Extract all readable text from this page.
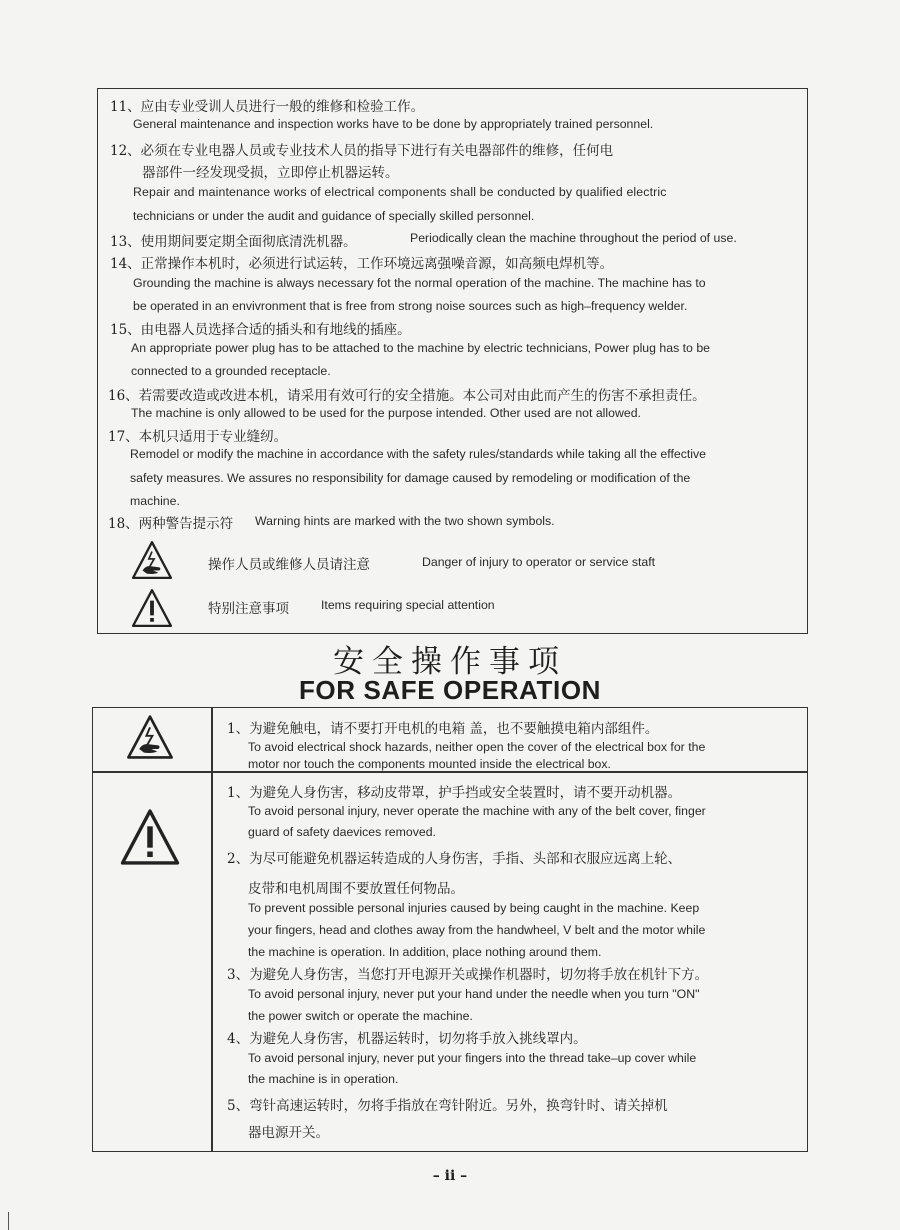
11、应由专业受训人员进行一般的维修和检验工作。
General maintenance and inspection works have to be done by appropriately trained personnel.
12、必须在专业电器人员或专业技术人员的指导下进行有关电器部件的维修，任何电
器部件一经发现受损，立即停止机器运转。
Repair and maintenance works of electrical components shall be conducted by qualified electric
technicians or under the audit and guidance of specially skilled personnel.
13、使用期间要定期全面彻底清洗机器。	Periodically clean the machine throughout the period of use.
14、正常操作本机时，必须进行试运转，工作环境远离强噪音源，如高频电焊机等。
Grounding the machine is always necessary fot the normal operation of the machine. The machine has to
be operated in an envivronment that is free from strong noise sources such as high–frequency welder.
15、由电器人员选择合适的插头和有地线的插座。
An appropriate power plug has to be attached to the machine by electric technicians, Power plug has to be
connected to a grounded receptacle.
16、若需要改造或改进本机，请采用有效可行的安全措施。本公司对由此而产生的伤害不承担责任。
The machine is only allowed to be used for the purpose intended. Other used are not allowed.
17、本机只适用于专业缝纫。
Remodel or modify the machine in accordance with the safety rules/standards while taking all the effective
safety measures. We assures no responsibility for damage caused by remodeling or modification of the
machine.
18、两种警告提示符 Warning hints are marked with the two shown symbols.
操作人员或维修人员请注意	Danger of injury to operator or service staft
特别注意事项	Items requiring special attention
安全操作事项
FOR SAFE OPERATION
1、为避免触电，请不要打开电机的电箱 盖，也不要触摸电箱内部组件。
To avoid electrical shock hazards, neither open the cover of the electrical box for the
motor nor touch the components mounted inside the electrical box.
1、为避免人身伤害，移动皮带罩，护手挡或安全装置时，请不要开动机器。
To avoid personal injury, never operate the machine with any of the belt cover, finger
guard of safety daevices removed.
2、为尽可能避免机器运转造成的人身伤害，手指、头部和衣服应远离上轮、
皮带和电机周围不要放置任何物品。
To prevent possible personal injuries caused by being caught in the machine. Keep
your fingers, head and clothes away from the handwheel, V belt and the motor while
the machine is operation. In addition, place nothing around them.
3、为避免人身伤害，当您打开电源开关或操作机器时，切勿将手放在机针下方。
To avoid personal injury, never put your hand under the needle when you turn "ON"
the power switch or operate the machine.
4、为避免人身伤害，机器运转时，切勿将手放入挑线罩内。
To avoid personal injury, never put your fingers into the thread take–up cover while
the machine is in operation.
5、弯针高速运转时，勿将手指放在弯针附近。另外，换弯针时、请关掉机
器电源开关。
– ii –
